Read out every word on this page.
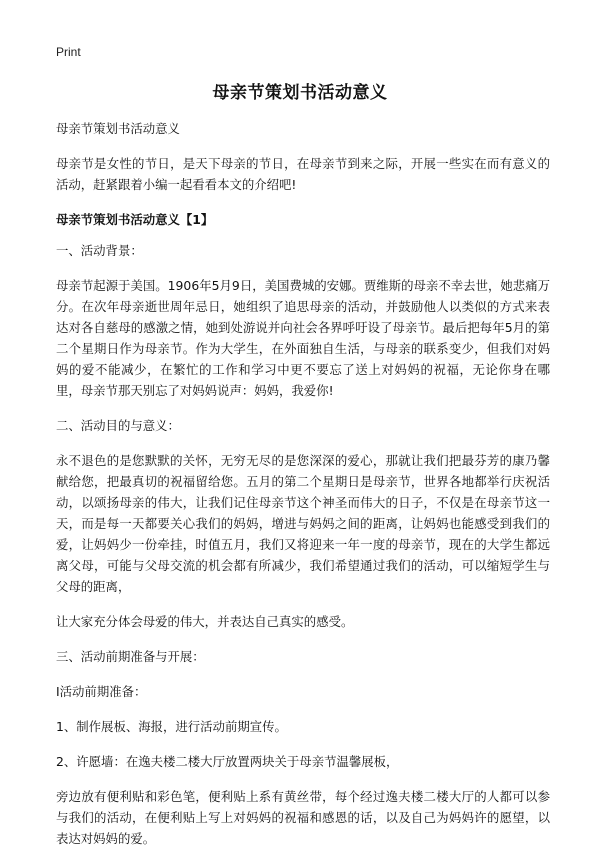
Print
母亲节策划书活动意义

母亲节策划书活动意义

母亲节是女性的节日，是天下母亲的节日，在母亲节到来之际，开展一些实在而有意义的活动，赶紧跟着小编一起看看本文的介绍吧!

母亲节策划书活动意义【1】

一、活动背景：

母亲节起源于美国。1906年5月9日，美国费城的安娜。贾维斯的母亲不幸去世，她悲痛万分。在次年母亲逝世周年忌日，她组织了追思母亲的活动，并鼓励他人以类似的方式来表达对各自慈母的感激之情，她到处游说并向社会各界呼吁设了母亲节。最后把每年5月的第二个星期日作为母亲节。作为大学生，在外面独自生活，与母亲的联系变少，但我们对妈妈的爱不能减少，在繁忙的工作和学习中更不要忘了送上对妈妈的祝福，无论你身在哪里，母亲节那天别忘了对妈妈说声：妈妈，我爱你!

二、活动目的与意义：

永不退色的是您默默的关怀，无穷无尽的是您深深的爱心，那就让我们把最芬芳的康乃馨献给您，把最真切的祝福留给您。五月的第二个星期日是母亲节，世界各地都举行庆祝活动，以颂扬母亲的伟大，让我们记住母亲节这个神圣而伟大的日子，不仅是在母亲节这一天，而是每一天都要关心我们的妈妈，增进与妈妈之间的距离，让妈妈也能感受到我们的爱，让妈妈少一份牵挂，时值五月，我们又将迎来一年一度的母亲节，现在的大学生都远离父母，可能与父母交流的机会都有所减少，我们希望通过我们的活动，可以缩短学生与父母的距离，

让大家充分体会母爱的伟大，并表达自己真实的感受。

三、活动前期准备与开展：

I活动前期准备：

1、制作展板、海报，进行活动前期宣传。

2、许愿墙：在逸夫楼二楼大厅放置两块关于母亲节温馨展板，

旁边放有便利贴和彩色笔，便利贴上系有黄丝带，每个经过逸夫楼二楼大厅的人都可以参与我们的活动，在便利贴上写上对妈妈的祝福和感恩的话，以及自己为妈妈许的愿望，以表达对妈妈的爱。
